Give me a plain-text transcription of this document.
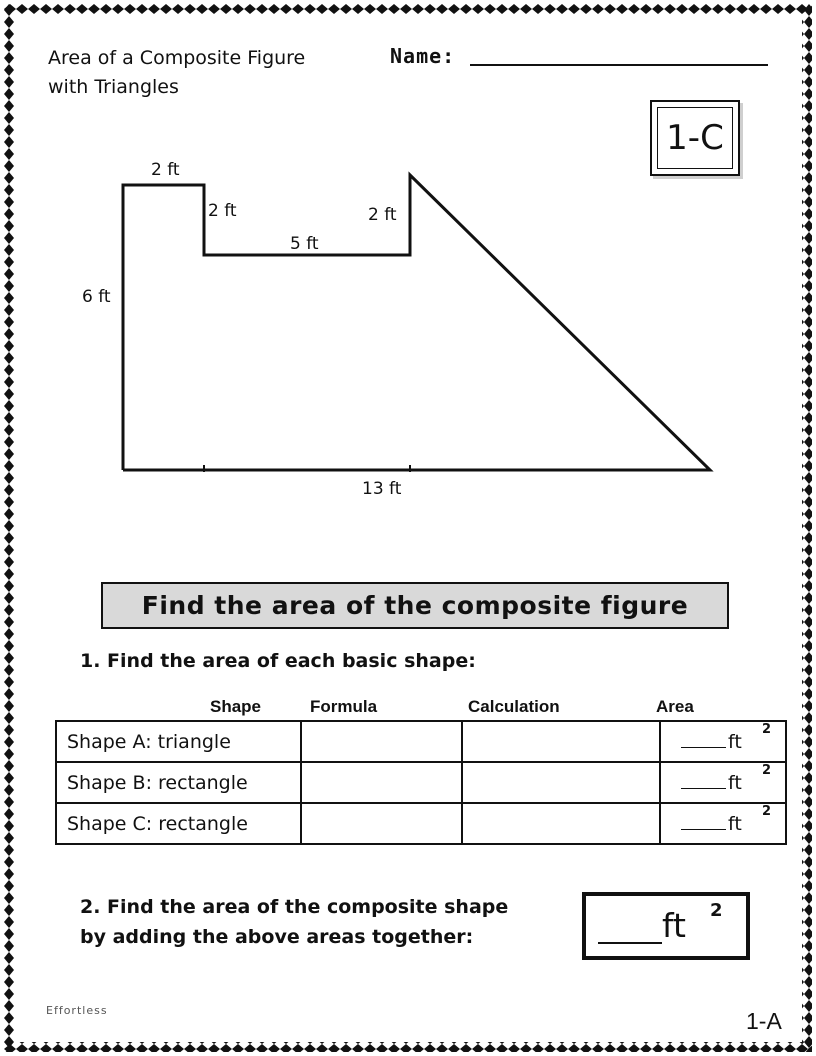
Area of a Composite Figure
with Triangles
Name:
1-C
2 ft
2 ft
5 ft
2 ft
6 ft
13 ft
Find the area of the composite figure
1. Find the area of each basic shape:
Shape	Formula	Calculation	Area
Shape A: triangle			ft
2

Shape B: rectangle			ft
2

Shape C: rectangle			ft
2
2. Find the area of the composite shape
by adding the above areas together:	ft 2
Effortless	1-A
